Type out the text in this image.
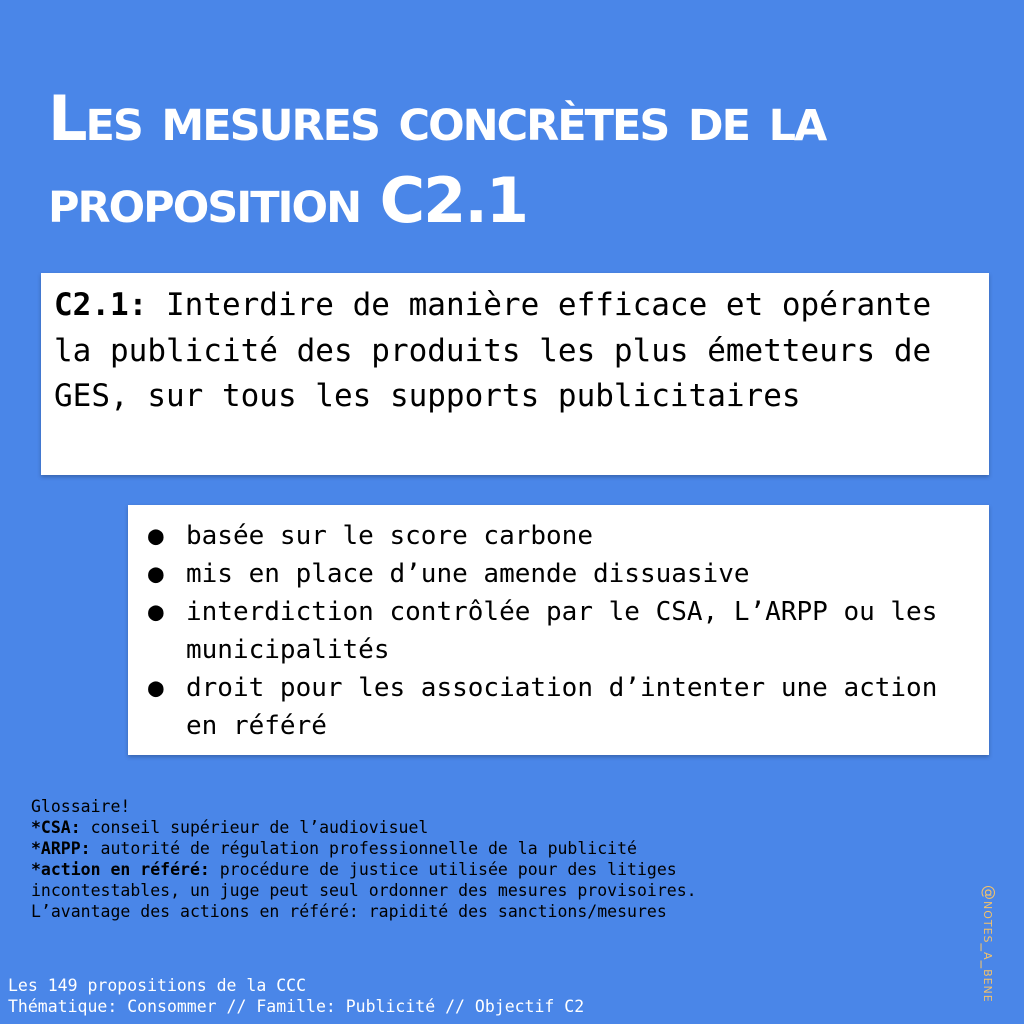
Les mesures concrètes de la proposition C2.1

C2.1: Interdire de manière efficace et opérante la publicité des produits les plus émetteurs de GES, sur tous les supports publicitaires

● basée sur le score carbone
● mis en place d’une amende dissuasive
● interdiction contrôlée par le CSA, L’ARPP ou les municipalités
● droit pour les association d’intenter une action en référé
Glossaire!
*CSA: conseil supérieur de l’audiovisuel
*ARPP: autorité de régulation professionnelle de la publicité
*action en référé: procédure de justice utilisée pour des litiges incontestables, un juge peut seul ordonner des mesures provisoires.
L’avantage des actions en référé: rapidité des sanctions/mesures
Les 149 propositions de la CCC
Thématique: Consommer // Famille: Publicité // Objectif C2
@notes_a_bene
